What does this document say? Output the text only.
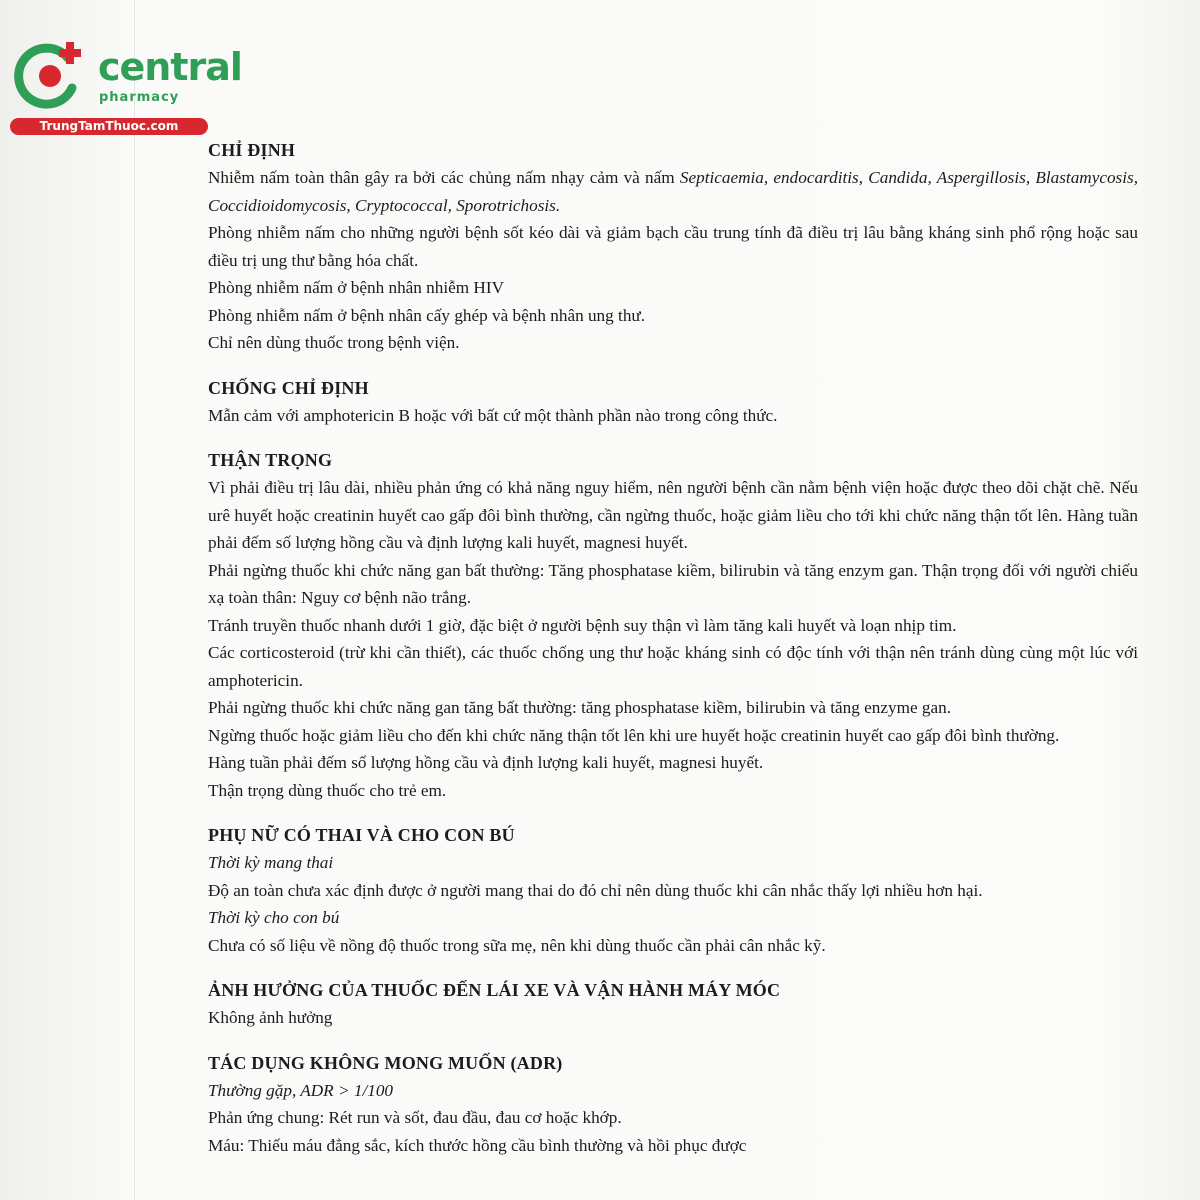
central
pharmacy
TrungTamThuoc.com

CHỈ ĐỊNH

Nhiễm nấm toàn thân gây ra bởi các chủng nấm nhạy cảm và nấm Septicaemia, endocarditis, Candida, Aspergillosis, Blastamycosis, Coccidioidomycosis, Cryptococcal, Sporotrichosis.

Phòng nhiễm nấm cho những người bệnh sốt kéo dài và giảm bạch cầu trung tính đã điều trị lâu bằng kháng sinh phổ rộng hoặc sau điều trị ung thư bằng hóa chất.

Phòng nhiễm nấm ở bệnh nhân nhiễm HIV

Phòng nhiễm nấm ở bệnh nhân cấy ghép và bệnh nhân ung thư.

Chỉ nên dùng thuốc trong bệnh viện.

CHỐNG CHỈ ĐỊNH

Mẫn cảm với amphotericin B hoặc với bất cứ một thành phần nào trong công thức.

THẬN TRỌNG

Vì phải điều trị lâu dài, nhiều phản ứng có khả năng nguy hiểm, nên người bệnh cần nằm bệnh viện hoặc được theo dõi chặt chẽ. Nếu urê huyết hoặc creatinin huyết cao gấp đôi bình thường, cần ngừng thuốc, hoặc giảm liều cho tới khi chức năng thận tốt lên. Hàng tuần phải đếm số lượng hồng cầu và định lượng kali huyết, magnesi huyết.

Phải ngừng thuốc khi chức năng gan bất thường: Tăng phosphatase kiềm, bilirubin và tăng enzym gan. Thận trọng đối với người chiếu xạ toàn thân: Nguy cơ bệnh não trắng.

Tránh truyền thuốc nhanh dưới 1 giờ, đặc biệt ở người bệnh suy thận vì làm tăng kali huyết và loạn nhịp tim.

Các corticosteroid (trừ khi cần thiết), các thuốc chống ung thư hoặc kháng sinh có độc tính với thận nên tránh dùng cùng một lúc với amphotericin.

Phải ngừng thuốc khi chức năng gan tăng bất thường: tăng phosphatase kiềm, bilirubin và tăng enzyme gan.

Ngừng thuốc hoặc giảm liều cho đến khi chức năng thận tốt lên khi ure huyết hoặc creatinin huyết cao gấp đôi bình thường.

Hàng tuần phải đếm số lượng hồng cầu và định lượng kali huyết, magnesi huyết.

Thận trọng dùng thuốc cho trẻ em.

PHỤ NỮ CÓ THAI VÀ CHO CON BÚ

Thời kỳ mang thai

Độ an toàn chưa xác định được ở người mang thai do đó chỉ nên dùng thuốc khi cân nhắc thấy lợi nhiều hơn hại.

Thời kỳ cho con bú

Chưa có số liệu về nồng độ thuốc trong sữa mẹ, nên khi dùng thuốc cần phải cân nhắc kỹ.

ẢNH HƯỞNG CỦA THUỐC ĐẾN LÁI XE VÀ VẬN HÀNH MÁY MÓC

Không ảnh hưởng

TÁC DỤNG KHÔNG MONG MUỐN (ADR)

Thường gặp, ADR > 1/100

Phản ứng chung: Rét run và sốt, đau đầu, đau cơ hoặc khớp.

Máu: Thiếu máu đẳng sắc, kích thước hồng cầu bình thường và hồi phục được
